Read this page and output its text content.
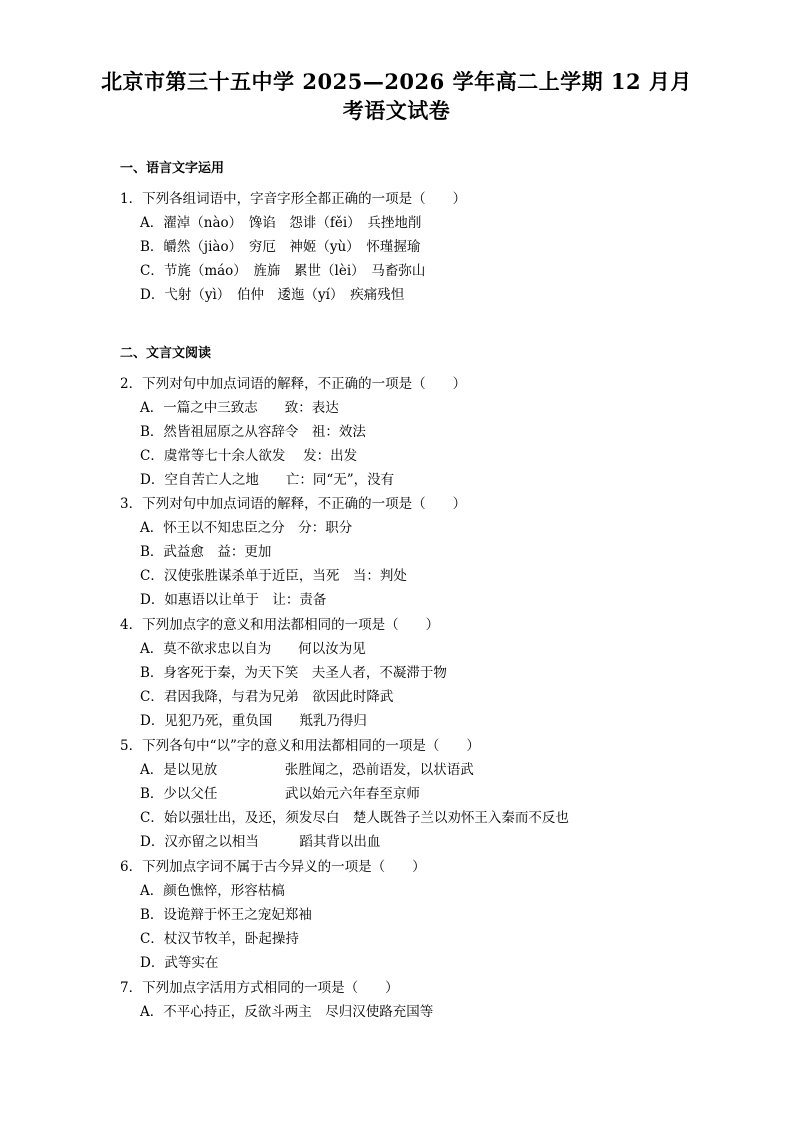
北京市第三十五中学 2025—2026 学年高二上学期 12 月月
考语文试卷
一、语言文字运用
1．下列各组词语中，字音字形全都正确的一项是（　　）
A．濯淖（nào）　馋谄　怨诽（fěi）　兵挫地削
B．皭然（jiào）　穷厄　神姬（yù）　怀瑾握瑜
C．节旄（máo）　旌旆　累世（lèi）　马畜弥山
D．弋射（yì）　伯仲　逶迤（yí）　疾痛残怛
二、文言文阅读
2．下列对句中加点词语的解释，不正确的一项是（　　）
A．一篇之中三致志　　致：表达
B．然皆祖屈原之从容辞令　祖：效法
C．虞常等七十余人欲发　 发：出发
D．空自苦亡人之地　　亡：同“无”，没有
3．下列对句中加点词语的解释，不正确的一项是（　　）
A．怀王以不知忠臣之分　分：职分
B．武益愈　益：更加
C．汉使张胜谋杀单于近臣，当死　当：判处
D．如惠语以让单于　让：责备
4．下列加点字的意义和用法都相同的一项是（　　）
A．莫不欲求忠以自为　　何以汝为见
B．身客死于秦，为天下笑　夫圣人者，不凝滞于物
C．君因我降，与君为兄弟　欲因此时降武
D．见犯乃死，重负国　　羝乳乃得归
5．下列各句中“以”字的意义和用法都相同的一项是（　　）
A．是以见放　　　　　张胜闻之，恐前语发，以状语武
B．少以父任　　　　　武以始元六年春至京师
C．始以强壮出，及还，须发尽白　楚人既咎子兰以劝怀王入秦而不反也
D．汉亦留之以相当　　　蹈其背以出血
6．下列加点字词不属于古今异义的一项是（　　）
A．颜色憔悴，形容枯槁
B．设诡辩于怀王之宠妃郑袖
C．杖汉节牧羊，卧起操持
D．武等实在
7．下列加点字活用方式相同的一项是（　　）
A．不平心持正，反欲斗两主　尽归汉使路充国等
